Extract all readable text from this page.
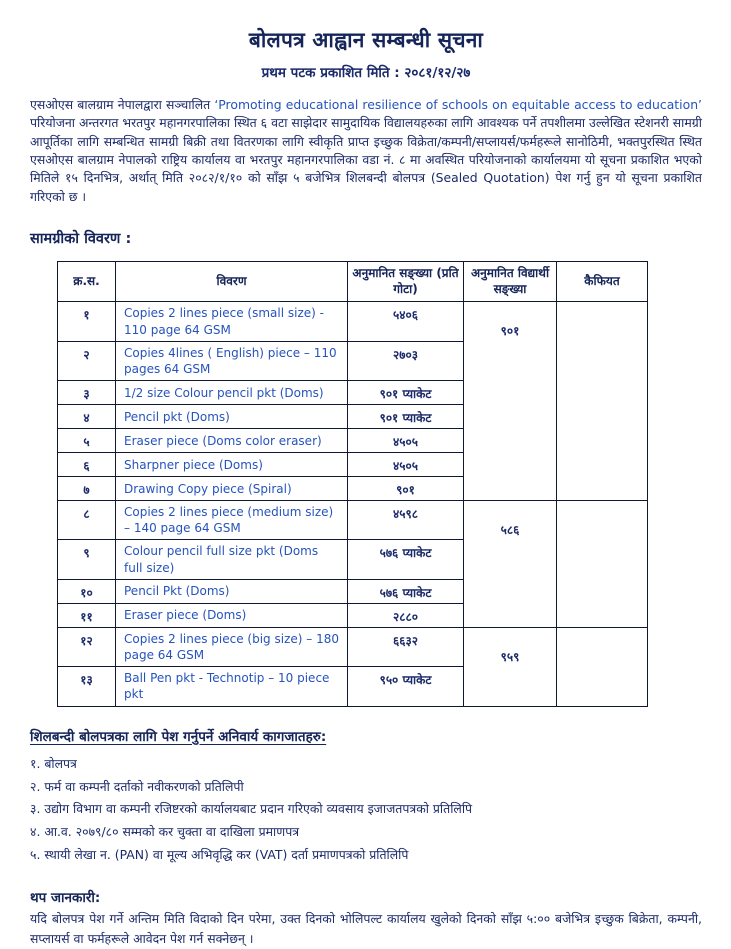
बोलपत्र आह्वान सम्बन्धी सूचना
प्रथम पटक प्रकाशित मिति : २०८१/१२/२७
एसओएस बालग्राम नेपालद्वारा सञ्चालित ‘Promoting educational resilience of schools on equitable access to education’ परियोजना अन्तरगत भरतपुर महानगरपालिका स्थित ६ वटा साझेदार सामुदायिक विद्यालयहरुका लागि आवश्यक पर्ने तपशीलमा उल्लेखित स्टेशनरी सामग्री आपूर्तिका लागि सम्बन्धित सामग्री बिक्री तथा वितरणका लागि स्वीकृति प्राप्त इच्छुक विक्रेता/कम्पनी/सप्लायर्स/फर्महरूले सानोठिमी, भक्तपुरस्थित स्थित एसओएस बालग्राम नेपालको राष्ट्रिय कार्यालय वा भरतपुर महानगरपालिका वडा नं. ८ मा अवस्थित परियोजनाको कार्यालयमा यो सूचना प्रकाशित भएको मितिले १५ दिनभित्र, अर्थात् मिति २०८२/१/१० को साँझ ५ बजेभित्र शिलबन्दी बोलपत्र (Sealed Quotation) पेश गर्नु हुन यो सूचना प्रकाशित गरिएको छ ।
सामग्रीको विवरण :
क्र.स.	विवरण	अनुमानित सङ्ख्या (प्रति गोटा)	अनुमानित विद्यार्थी सङ्ख्या	कैफियत
१	Copies 2 lines piece (small size) - 110 page 64 GSM	५४०६	९०१	
२	Copies 4lines ( English) piece – 110 pages 64 GSM	२७०३		
३	1/2 size Colour pencil pkt (Doms)	९०१ प्याकेट		
४	Pencil pkt (Doms)	९०१ प्याकेट		
५	Eraser piece (Doms color eraser)	४५०५		
६	Sharpner piece (Doms)	४५०५		
७	Drawing Copy piece (Spiral)	९०१		
८	Copies 2 lines piece (medium size) – 140 page 64 GSM	४५९८	५८६	
९	Colour pencil full size pkt (Doms full size)	५७६ प्याकेट		
१०	Pencil Pkt (Doms)	५७६ प्याकेट		
११	Eraser piece (Doms)	२८८०		
१२	Copies 2 lines piece (big size) – 180 page 64 GSM	६६३२	९५९	
१३	Ball Pen pkt - Technotip – 10 piece pkt	९५० प्याकेट		
शिलबन्दी बोलपत्रका लागि पेश गर्नुपर्ने अनिवार्य कागजातहरु:
१. बोलपत्र
२. फर्म वा कम्पनी दर्ताको नवीकरणको प्रतिलिपी
३. उद्योग विभाग वा कम्पनी रजिष्टरको कार्यालयबाट प्रदान गरिएको व्यवसाय इजाजतपत्रको प्रतिलिपि
४. आ.व. २०७९/८० सम्मको कर चुक्ता वा दाखिला प्रमाणपत्र
५. स्थायी लेखा न. (PAN) वा मूल्य अभिवृद्धि कर (VAT) दर्ता प्रमाणपत्रको प्रतिलिपि
थप जानकारी:
यदि बोलपत्र पेश गर्ने अन्तिम मिति विदाको दिन परेमा, उक्त दिनको भोलिपल्ट कार्यालय खुलेको दिनको साँझ ५:०० बजेभित्र इच्छुक बिक्रेता, कम्पनी, सप्लायर्स वा फर्महरूले आवेदन पेश गर्न सक्नेछन् ।
